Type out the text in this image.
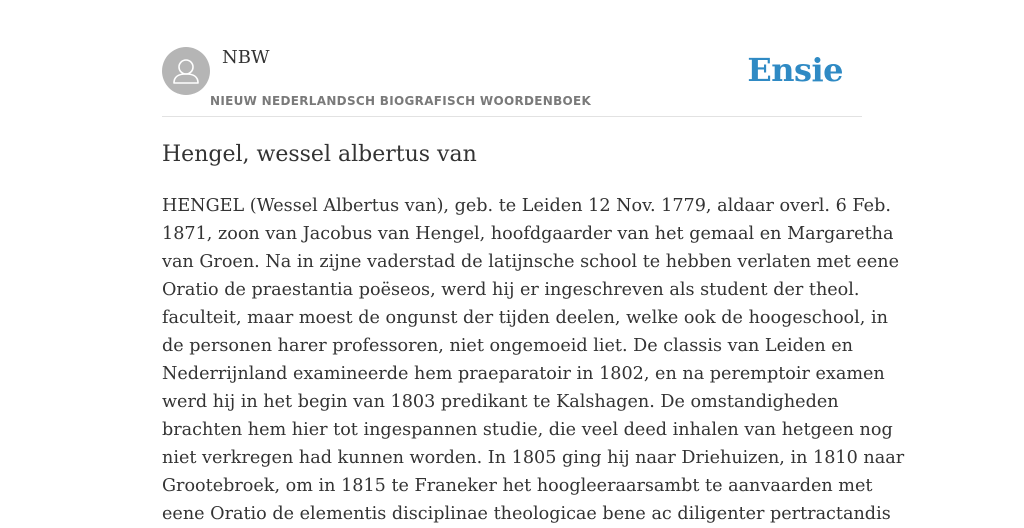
NBW
NIEUW NEDERLANDSCH BIOGRAFISCH WOORDENBOEK
Ensie
Hengel, wessel albertus van
HENGEL (Wessel Albertus van), geb. te Leiden 12 Nov. 1779, aldaar overl. 6 Feb.
1871, zoon van Jacobus van Hengel, hoofdgaarder van het gemaal en Margaretha
van Groen. Na in zijne vaderstad de latijnsche school te hebben verlaten met eene
Oratio de praestantia poëseos, werd hij er ingeschreven als student der theol.
faculteit, maar moest de ongunst der tijden deelen, welke ook de hoogeschool, in
de personen harer professoren, niet ongemoeid liet. De classis van Leiden en
Nederrijnland examineerde hem praeparatoir in 1802, en na peremptoir examen
werd hij in het begin van 1803 predikant te Kalshagen. De omstandigheden
brachten hem hier tot ingespannen studie, die veel deed inhalen van hetgeen nog
niet verkregen had kunnen worden. In 1805 ging hij naar Driehuizen, in 1810 naar
Grootebroek, om in 1815 te Franeker het hoogleeraarsambt te aanvaarden met
eene Oratio de elementis disciplinae theologicae bene ac diligenter pertractandis
